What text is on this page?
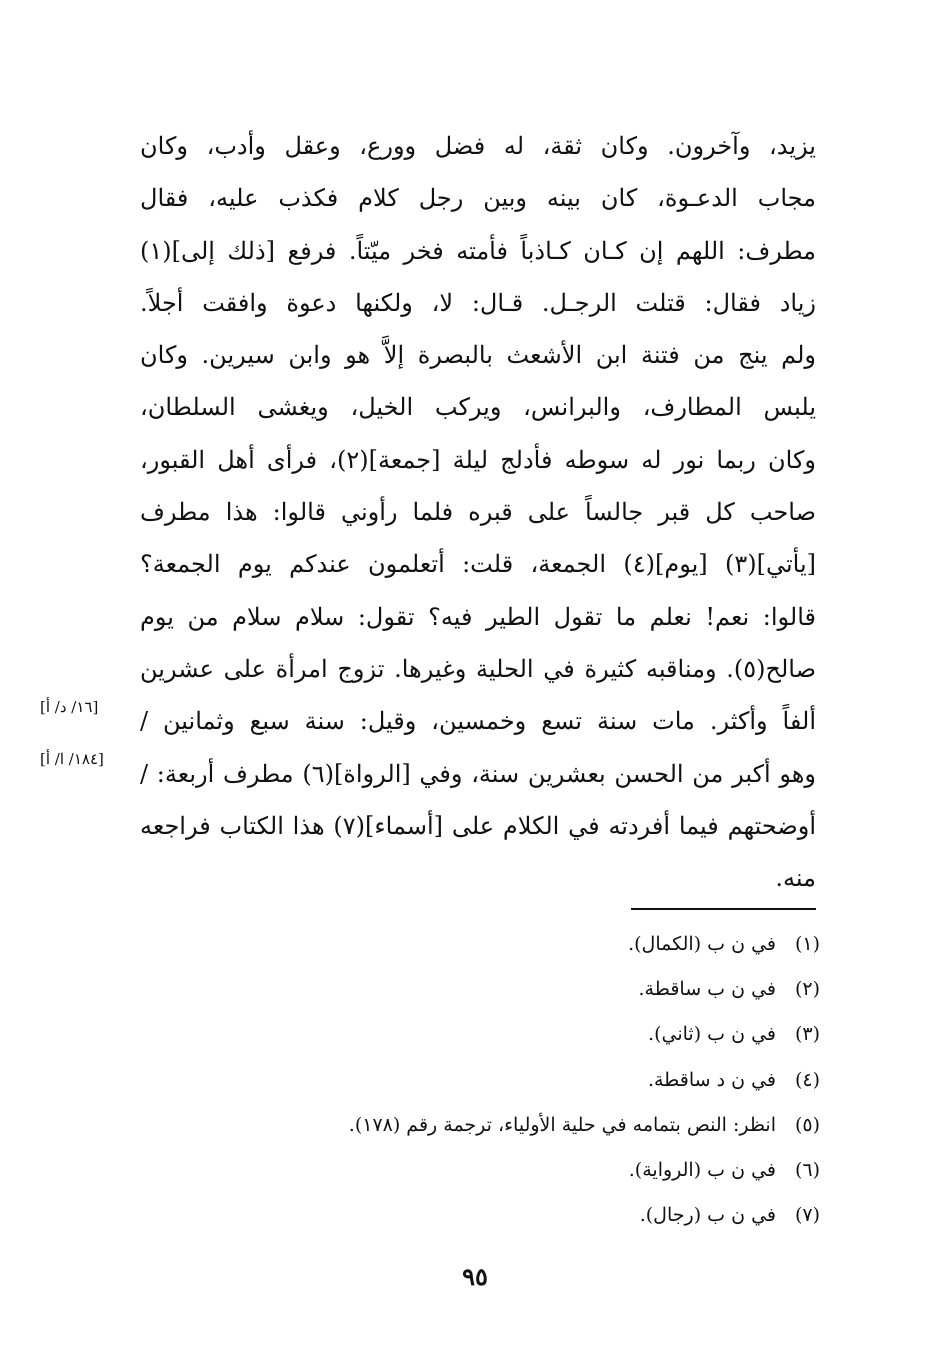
يزيد، وآخرون. وكان ثقة، له فضل وورع، وعقل وأدب، وكان
مجاب الدعـوة، كان بينه وبين رجل كلام فكذب عليه، فقال
مطرف: اللهم إن كـان كـاذباً فأمته فخر ميّتاً. فرفع [ذلك إلى](١)
زياد فقال: قتلت الرجـل. قـال: لا، ولكنها دعوة وافقت أجلاً.
ولم ينج من فتنة ابن الأشعث بالبصرة إلاَّ هو وابن سيرين. وكان
يلبس المطارف، والبرانس، ويركب الخيل، ويغشى السلطان،
وكان ربما نور له سوطه فأدلج ليلة [جمعة](٢)، فرأى أهل القبور،
صاحب كل قبر جالساً على قبره فلما رأوني قالوا: هذا مطرف
[يأتي](٣) [يوم](٤) الجمعة، قلت: أتعلمون عندكم يوم الجمعة؟
قالوا: نعم! نعلم ما تقول الطير فيه؟ تقول: سلام سلام من يوم
صالح(٥). ومناقبه كثيرة في الحلية وغيرها. تزوج امرأة على عشرين
ألفاً وأكثر. مات سنة تسع وخمسين، وقيل: سنة سبع وثمانين /
وهو أكبر من الحسن بعشرين سنة، وفي [الرواة](٦) مطرف أربعة: /
أوضحتهم فيما أفردته في الكلام على [أسماء](٧) هذا الكتاب فراجعه
منه.
[١٦/ د/ أ]
[١٨٤/ ا/ أ]
(١)
في ن ب (الكمال).
(٢)
في ن ب ساقطة.
(٣)
في ن ب (ثاني).
(٤)
في ن د ساقطة.
(٥)
انظر: النص بتمامه في حلية الأولياء، ترجمة رقم (١٧٨).
(٦)
في ن ب (الرواية).
(٧)
في ن ب (رجال).
٩٥
